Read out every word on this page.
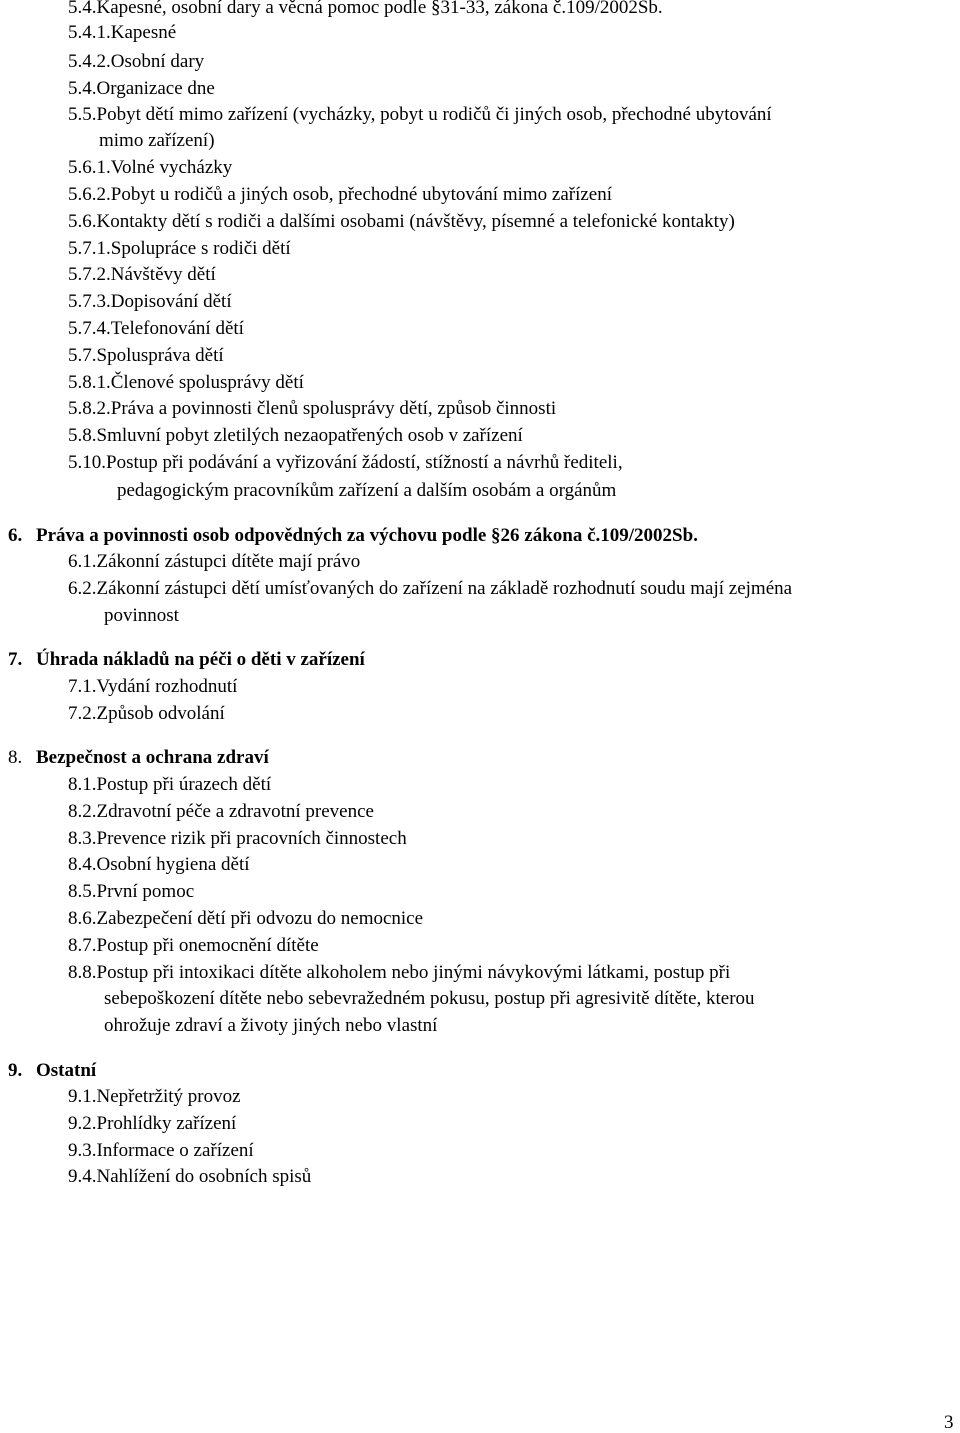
5.4.Kapesné, osobní dary a věcná pomoc podle §31-33, zákona č.109/2002Sb.
5.4.1.Kapesné
5.4.2.Osobní dary
5.4.Organizace dne
5.5.Pobyt dětí mimo zařízení (vycházky, pobyt u rodičů či jiných osob, přechodné ubytování
mimo zařízení)
5.6.1.Volné vycházky
5.6.2.Pobyt u rodičů a jiných osob, přechodné ubytování mimo zařízení
5.6.Kontakty dětí s rodiči a dalšími osobami (návštěvy, písemné a telefonické kontakty)
5.7.1.Spolupráce s rodiči dětí
5.7.2.Návštěvy dětí
5.7.3.Dopisování dětí
5.7.4.Telefonování dětí
5.7.Spolusprávа dětí
5.8.1.Členové spolusprávy dětí
5.8.2.Práva a povinnosti členů spolusprávy dětí, způsob činnosti
5.8.Smluvní pobyt zletilých nezaopatřených osob v zařízení
5.10.Postup při podávání a vyřizování žádostí, stížností a návrhů řediteli,
pedagogickým pracovníkům zařízení a dalším osobám a orgánům
6. Práva a povinnosti osob odpovědných za výchovu podle §26 zákona č.109/2002Sb.
6.1.Zákonní zástupci dítěte mají právo
6.2.Zákonní zástupci dětí umísťovaných do zařízení na základě rozhodnutí soudu mají zejména
povinnost
7. Úhrada nákladů na péči o děti v zařízení
7.1.Vydání rozhodnutí
7.2.Způsob odvolání
8. Bezpečnost a ochrana zdraví
8.1.Postup při úrazech dětí
8.2.Zdravotní péče a zdravotní prevence
8.3.Prevence rizik při pracovních činnostech
8.4.Osobní hygiena dětí
8.5.První pomoc
8.6.Zabezpečení dětí při odvozu do nemocnice
8.7.Postup při onemocnění dítěte
8.8.Postup při intoxikaci dítěte alkoholem nebo jinými návykovými látkami, postup při
sebepoškození dítěte nebo sebevražedném pokusu, postup při agresivitě dítěte, kterou
ohrožuje zdraví a životy jiných nebo vlastní
9. Ostatní
9.1.Nepřetržitý provoz
9.2.Prohlídky zařízení
9.3.Informace o zařízení
9.4.Nahlížení do osobních spisů
3
